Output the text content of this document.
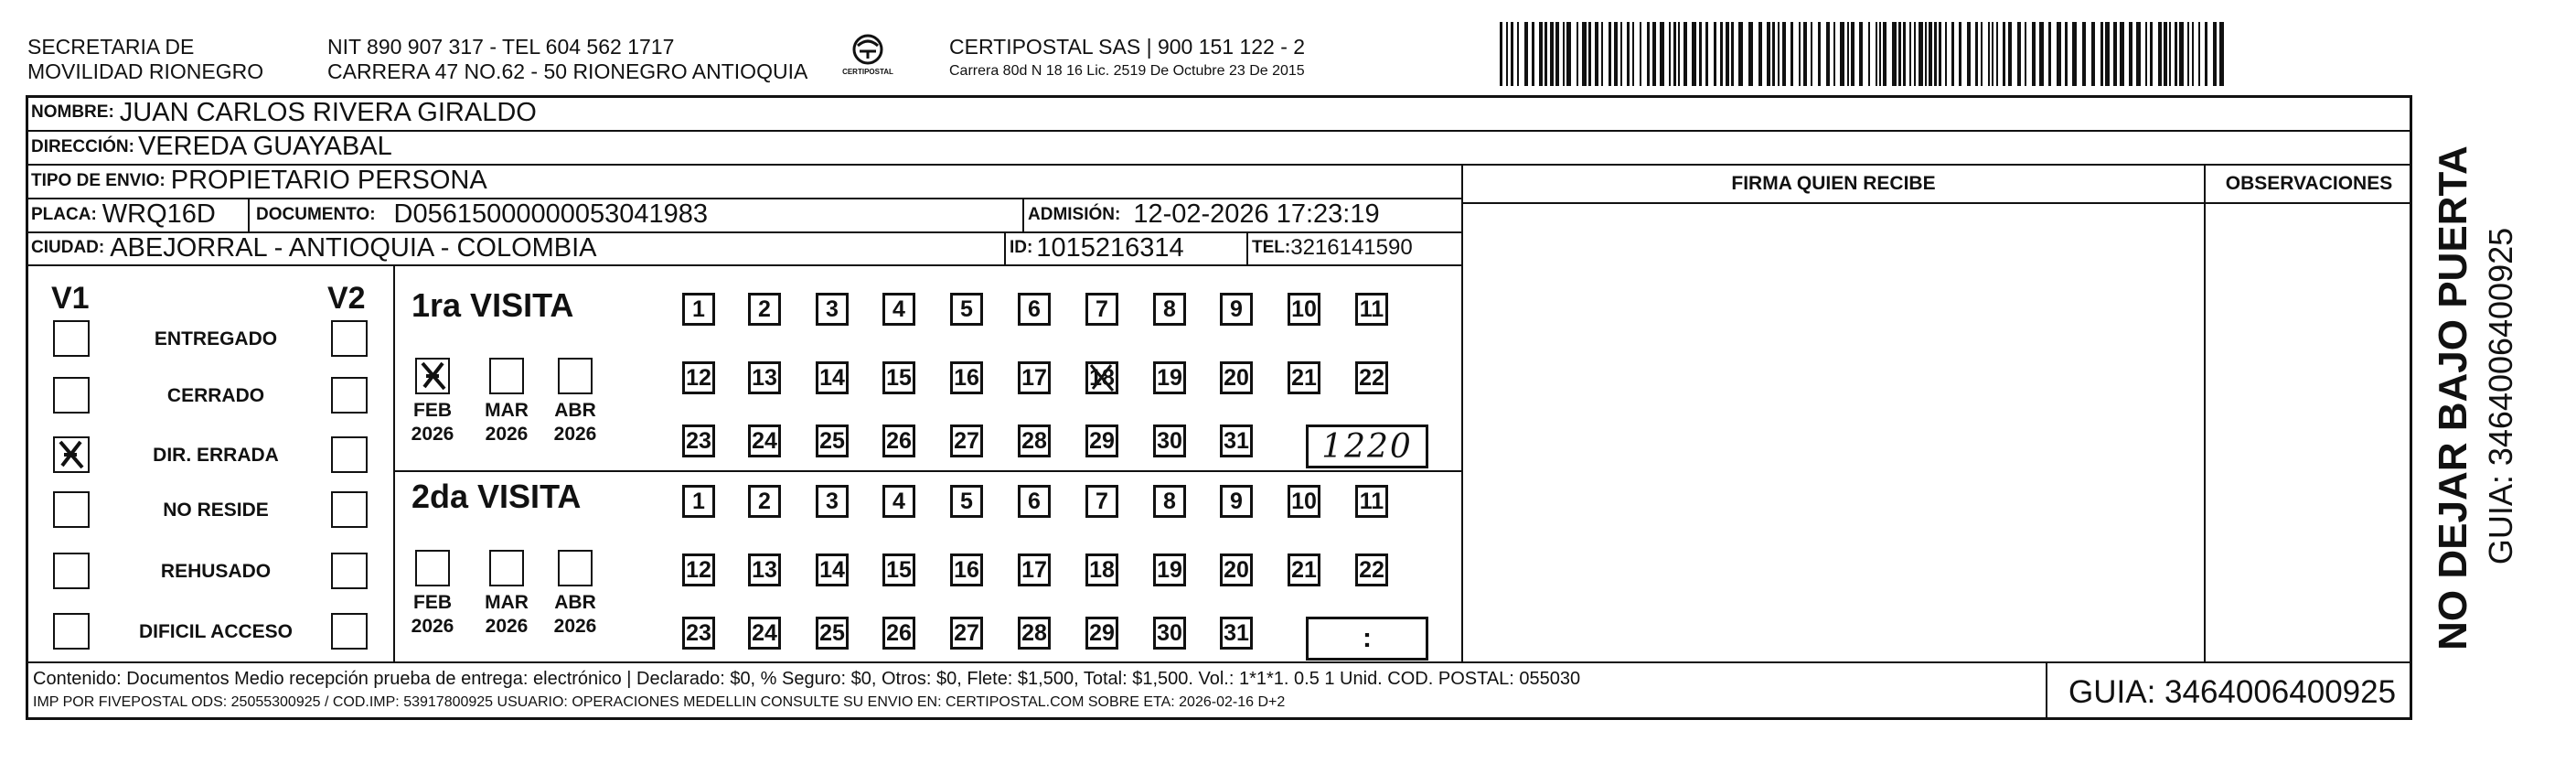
SECRETARIA DE
MOVILIDAD RIONEGRO
NIT 890 907 317 - TEL 604 562 1717
CARRERA 47 NO.62 - 50 RIONEGRO ANTIOQUIA	CERTIPOSTAL
CERTIPOSTAL SAS | 900 151 122 - 2
Carrera 80d N 18 16 Lic. 2519 De Octubre 23 De 2015
NOMBRE: JUAN CARLOS RIVERA GIRALDO
DIRECCIÓN: VEREDA GUAYABAL
TIPO DE ENVIO: PROPIETARIO PERSONA	FIRMA QUIEN RECIBE	OBSERVACIONES
PLACA: WRQ16D DOCUMENTO: D05615000000053041983	ADMISIÓN: 12-02-2026 17:23:19
CIUDAD: ABEJORRAL - ANTIOQUIA - COLOMBIA	ID: 1015216314	TEL: 3216141590
V1	V2
ENTREGADO
CERRADO
DIR. ERRADA
NO RESIDE
REHUSADO
DIFICIL ACCESO
1ra VISITA
2da VISITA
FEB
2026
MAR
2026
ABR
2026
1 2 3 4 5 6 7 8 9 10 11
12 13 14 15 16 17 18 19 20 21 22
23 24 25 26 27 28 29 30 31 1220
FEB
2026
MAR
2026
ABR
2026
1 2 3 4 5 6 7 8 9 10 11
12 13 14 15 16 17 18 19 20 21 22
23 24 25 26 27 28 29 30 31	:
Contenido: Documentos Medio recepción prueba de entrega: electrónico | Declarado: $0, % Seguro: $0, Otros: $0, Flete: $1,500, Total: $1,500. Vol.: 1*1*1. 0.5 1 Unid. COD. POSTAL: 055030
IMP POR FIVEPOSTAL ODS: 25055300925 / COD.IMP: 53917800925 USUARIO: OPERACIONES MEDELLIN CONSULTE SU ENVIO EN: CERTIPOSTAL.COM SOBRE ETA: 2026-02-16 D+2	GUIA: 3464006400925
NO DEJAR BAJO PUERTA GUIA: 3464006400925
